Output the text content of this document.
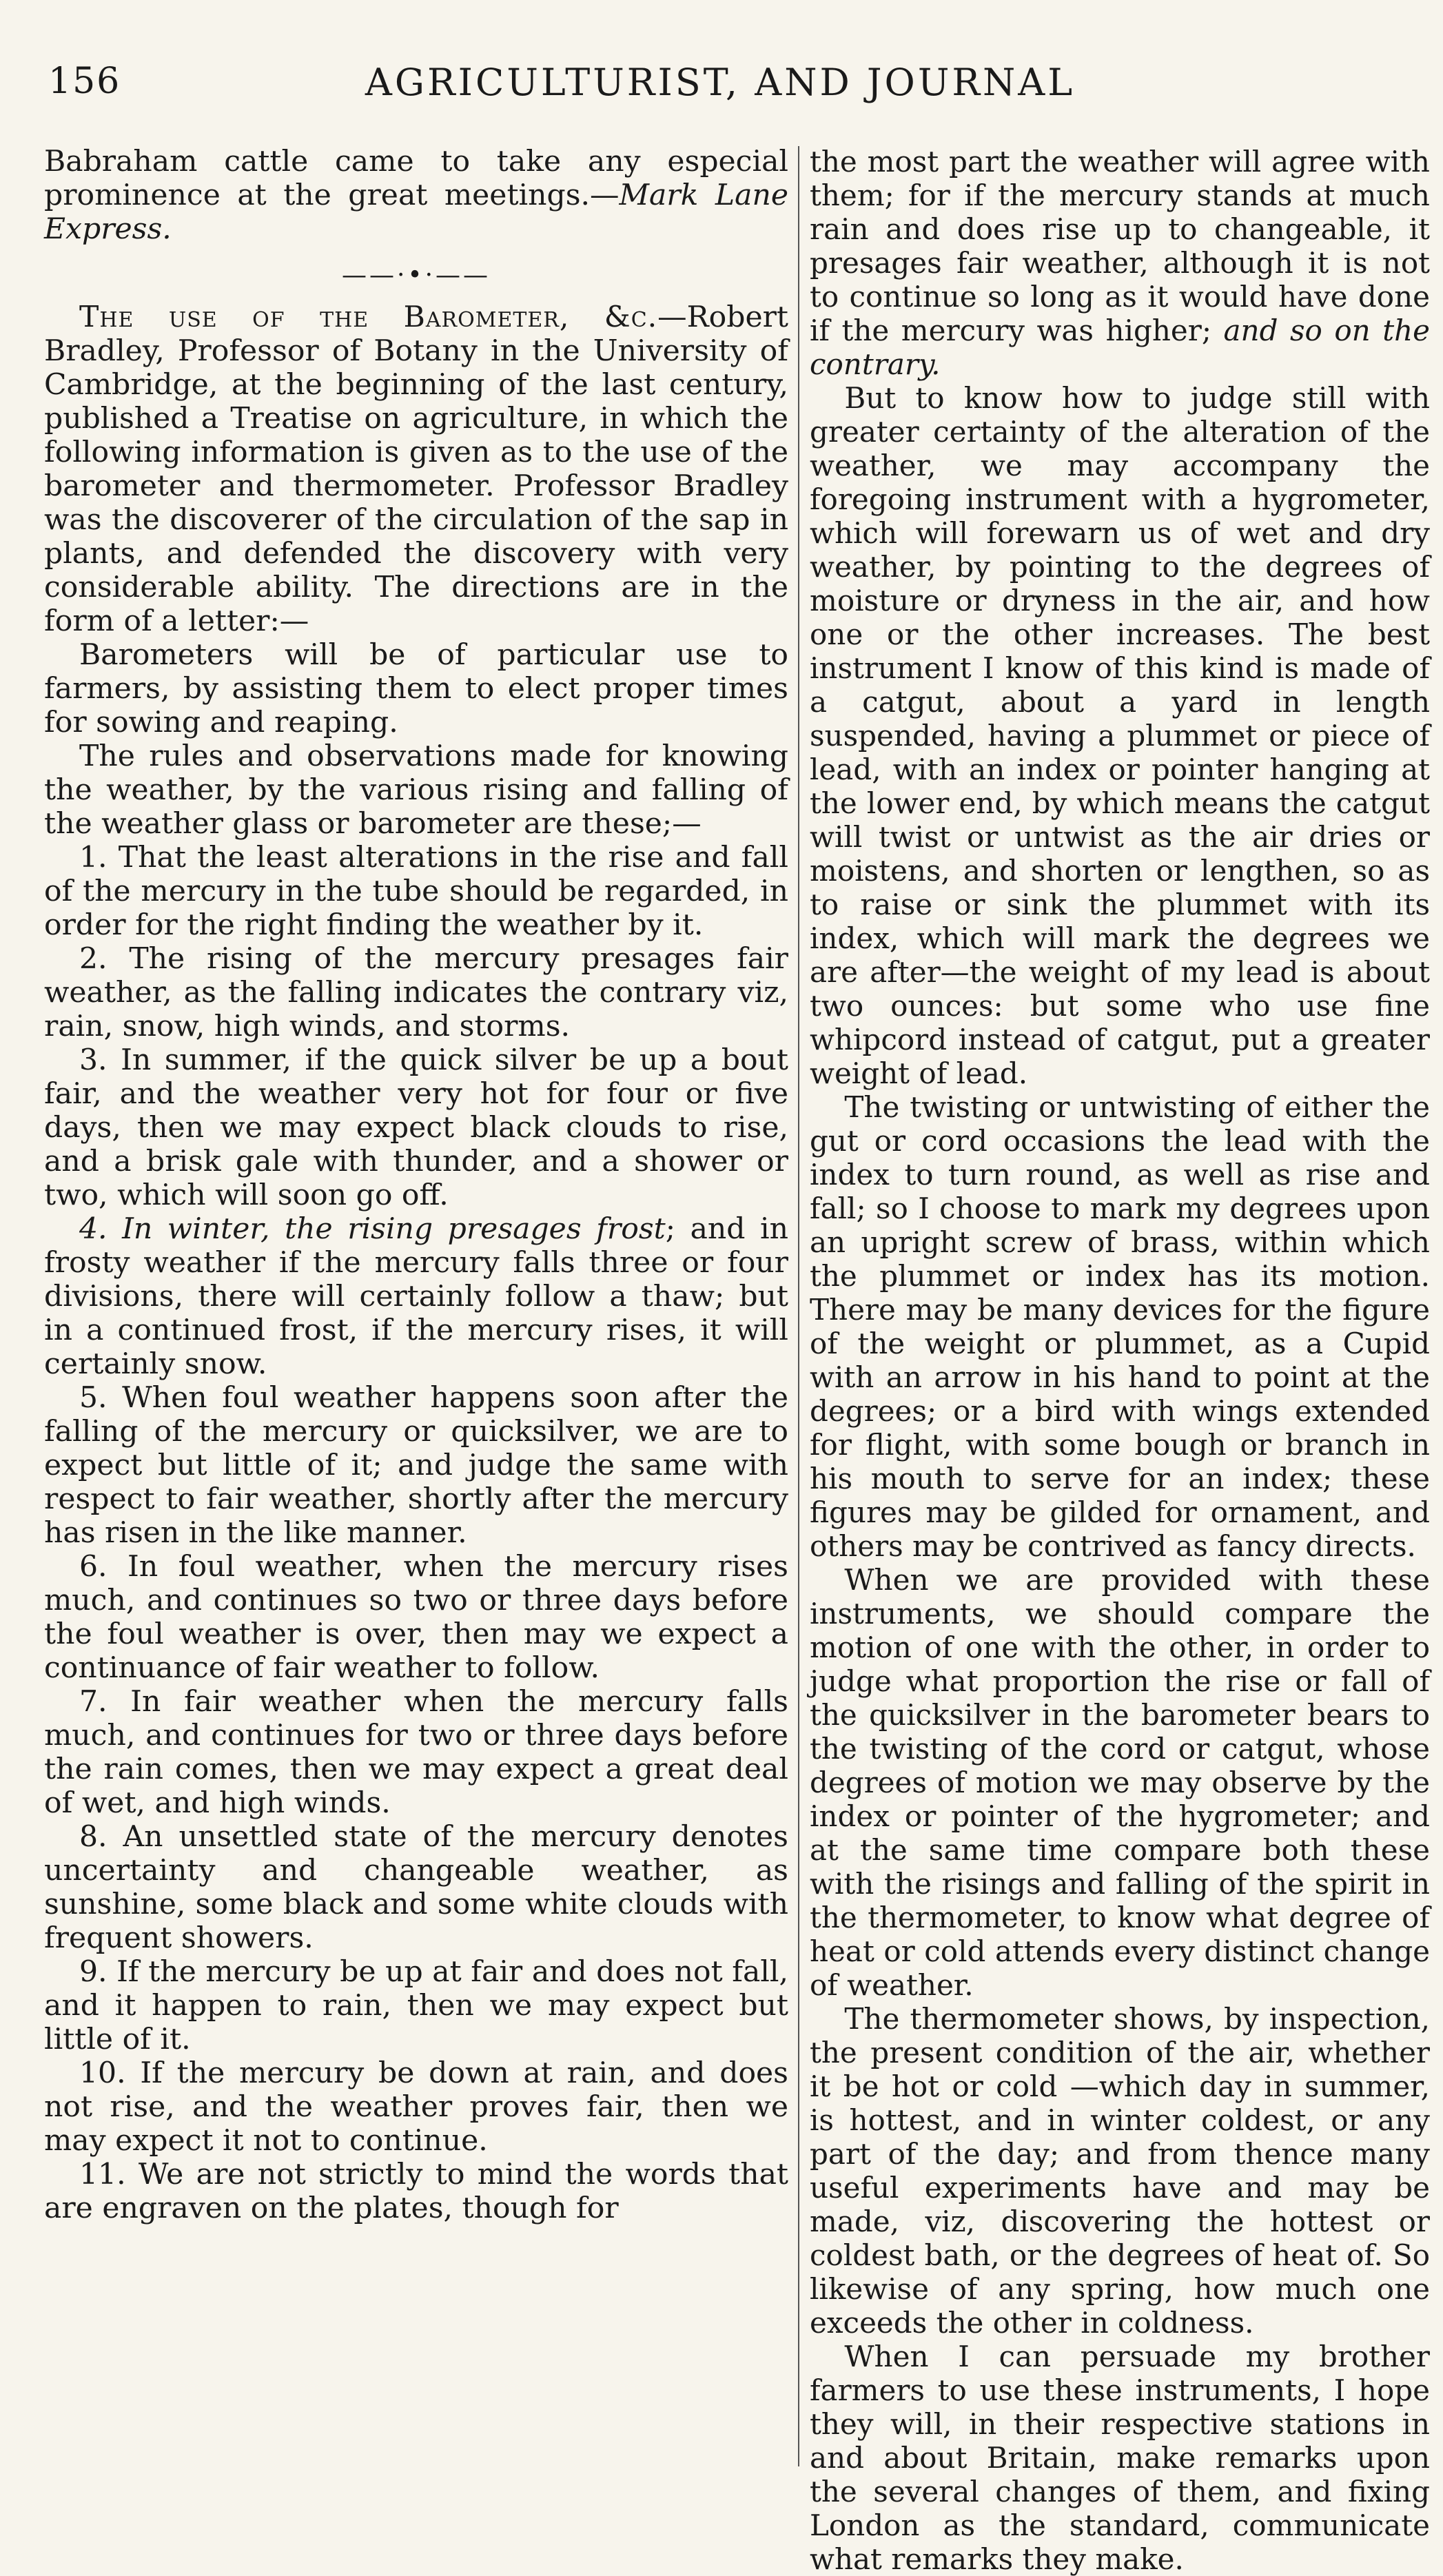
156	AGRICULTURIST, AND JOURNAL

Babraham cattle came to take any especial prominence at the great meetings.—Mark Lane Express.

——·•·——

The use of the Barometer, &c.—Robert Bradley, Professor of Botany in the University of Cambridge, at the beginning of the last century, published a Treatise on agriculture, in which the following information is given as to the use of the barometer and thermometer. Professor Bradley was the discoverer of the circulation of the sap in plants, and defended the discovery with very considerable ability. The directions are in the form of a letter:—

Barometers will be of particular use to farmers, by assisting them to elect proper times for sowing and reaping.

The rules and observations made for knowing the weather, by the various rising and falling of the weather glass or barometer are these;—

1. That the least alterations in the rise and fall of the mercury in the tube should be regarded, in order for the right finding the weather by it.

2. The rising of the mercury presages fair weather, as the falling indicates the contrary viz, rain, snow, high winds, and storms.

3. In summer, if the quick silver be up a bout fair, and the weather very hot for four or five days, then we may expect black clouds to rise, and a brisk gale with thunder, and a shower or two, which will soon go off.

4. In winter, the rising presages frost; and in frosty weather if the mercury falls three or four divisions, there will certainly follow a thaw; but in a continued frost, if the mercury rises, it will certainly snow.

5. When foul weather happens soon after the falling of the mercury or quicksilver, we are to expect but little of it; and judge the same with respect to fair weather, shortly after the mercury has risen in the like manner.

6. In foul weather, when the mercury rises much, and continues so two or three days before the foul weather is over, then may we expect a continuance of fair weather to follow.

7. In fair weather when the mercury falls much, and continues for two or three days before the rain comes, then we may expect a great deal of wet, and high winds.

8. An unsettled state of the mercury denotes uncertainty and changeable weather, as sunshine, some black and some white clouds with frequent showers.

9. If the mercury be up at fair and does not fall, and it happen to rain, then we may expect but little of it.

10. If the mercury be down at rain, and does not rise, and the weather proves fair, then we may expect it not to continue.

11. We are not strictly to mind the words that are engraven on the plates, though for

the most part the weather will agree with them; for if the mercury stands at much rain and does rise up to changeable, it presages fair weather, although it is not to continue so long as it would have done if the mercury was higher; and so on the contrary.

But to know how to judge still with greater certainty of the alteration of the weather, we may accompany the foregoing instrument with a hygrometer, which will forewarn us of wet and dry weather, by pointing to the degrees of moisture or dryness in the air, and how one or the other increases. The best instrument I know of this kind is made of a catgut, about a yard in length suspended, having a plummet or piece of lead, with an index or pointer hanging at the lower end, by which means the catgut will twist or untwist as the air dries or moistens, and shorten or lengthen, so as to raise or sink the plummet with its index, which will mark the degrees we are after—the weight of my lead is about two ounces: but some who use fine whipcord instead of catgut, put a greater weight of lead.

The twisting or untwisting of either the gut or cord occasions the lead with the index to turn round, as well as rise and fall; so I choose to mark my degrees upon an upright screw of brass, within which the plummet or index has its motion. There may be many devices for the figure of the weight or plummet, as a Cupid with an arrow in his hand to point at the degrees; or a bird with wings extended for flight, with some bough or branch in his mouth to serve for an index; these figures may be gilded for ornament, and others may be contrived as fancy directs.

When we are provided with these instruments, we should compare the motion of one with the other, in order to judge what proportion the rise or fall of the quicksilver in the barometer bears to the twisting of the cord or catgut, whose degrees of motion we may observe by the index or pointer of the hygrometer; and at the same time compare both these with the risings and falling of the spirit in the thermometer, to know what degree of heat or cold attends every distinct change of weather.

The thermometer shows, by inspection, the present condition of the air, whether it be hot or cold —which day in summer, is hottest, and in winter coldest, or any part of the day; and from thence many useful experiments have and may be made, viz, discovering the hottest or coldest bath, or the degrees of heat of. So likewise of any spring, how much one exceeds the other in coldness.

When I can persuade my brother farmers to use these instruments, I hope they will, in their respective stations in and about Britain, make remarks upon the several changes of them, and fixing London as the standard, communicate what remarks they make.
